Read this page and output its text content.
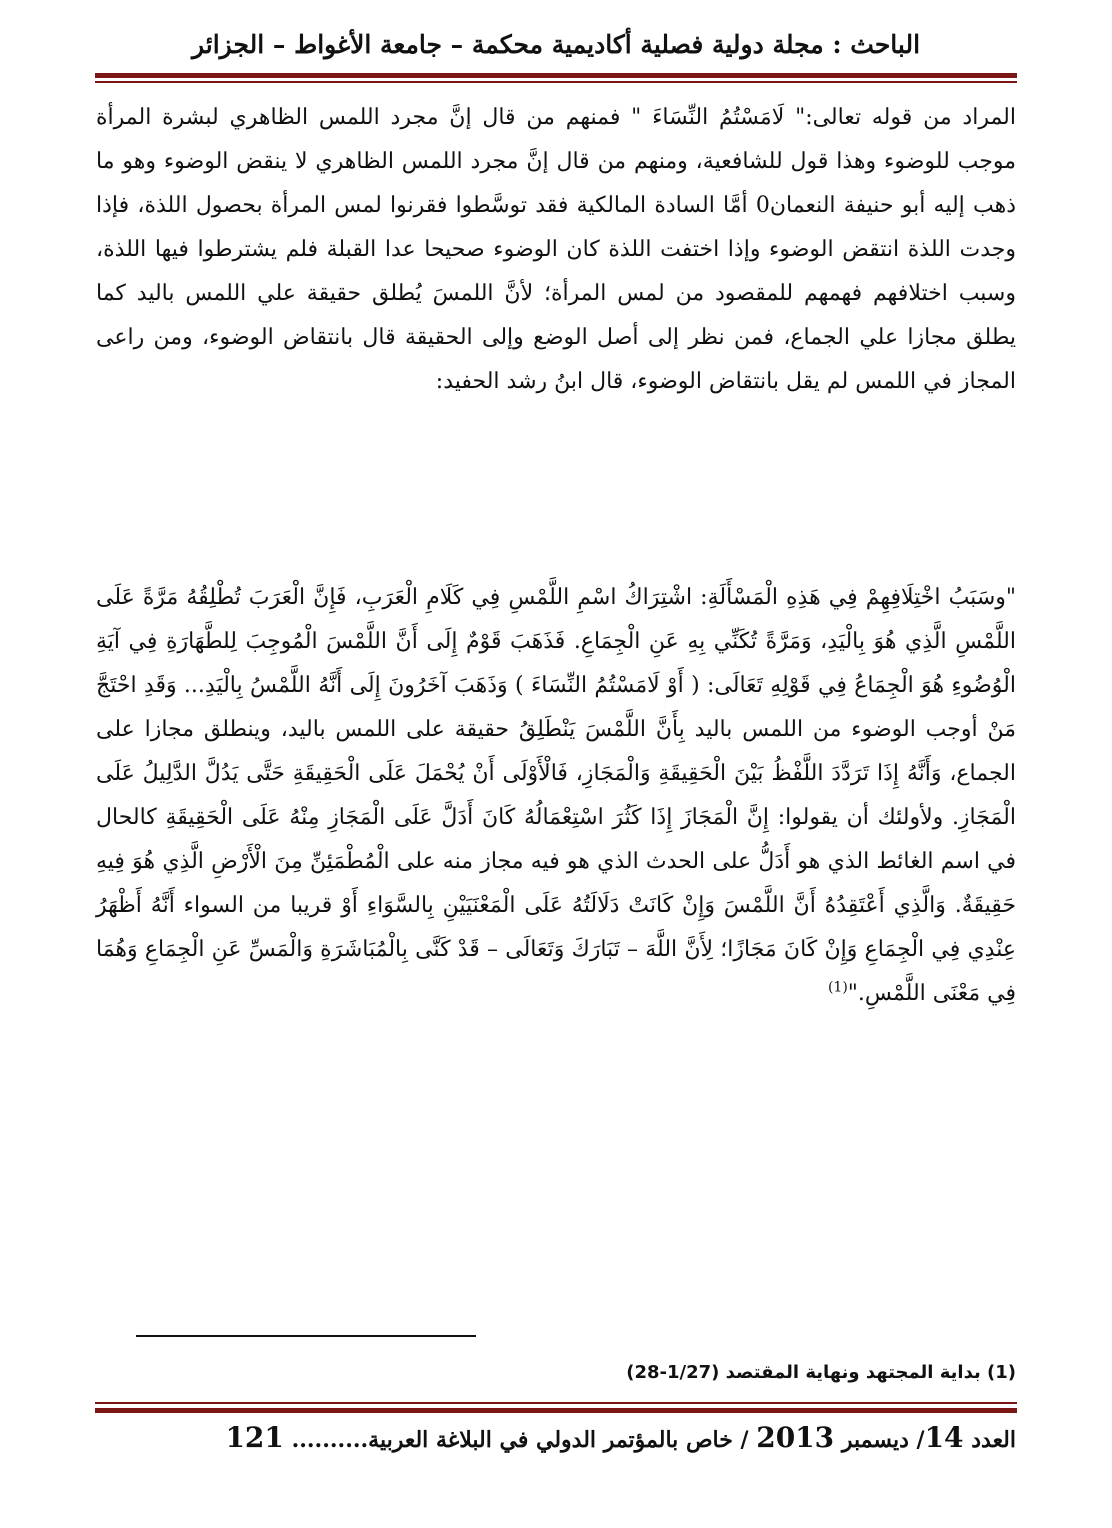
الباحث : مجلة دولية فصلية أكاديمية محكمة – جامعة الأغواط – الجزائر

المراد من قوله تعالى:" لَامَسْتُمُ النِّسَاءَ " فمنهم من قال إنَّ مجرد اللمس الظاهري لبشرة المرأة موجب للوضوء وهذا قول للشافعية، ومنهم من قال إنَّ مجرد اللمس الظاهري لا ينقض الوضوء وهو ما ذهب إليه أبو حنيفة النعمان0 أمَّا السادة المالكية فقد توسَّطوا فقرنوا لمس المرأة بحصول اللذة، فإذا وجدت اللذة انتقض الوضوء وإذا اختفت اللذة كان الوضوء صحيحا عدا القبلة فلم يشترطوا فيها اللذة، وسبب اختلافهم فهمهم للمقصود من لمس المرأة؛ لأنَّ اللمسَ يُطلق حقيقة علي اللمس باليد كما يطلق مجازا علي الجماع، فمن نظر إلى أصل الوضع وإلى الحقيقة قال بانتقاض الوضوء، ومن راعى المجاز في اللمس لم يقل بانتقاض الوضوء، قال ابنُ رشد الحفيد:

"وسَبَبُ اخْتِلَافِهِمْ فِي هَذِهِ الْمَسْأَلَةِ: اشْتِرَاكُ اسْمِ اللَّمْسِ فِي كَلَامِ الْعَرَبِ، فَإِنَّ الْعَرَبَ تُطْلِقُهُ مَرَّةً عَلَى اللَّمْسِ الَّذِي هُوَ بِالْيَدِ، وَمَرَّةً تُكَنِّي بِهِ عَنِ الْجِمَاعِ. فَذَهَبَ قَوْمٌ إِلَى أَنَّ اللَّمْسَ الْمُوجِبَ لِلطَّهَارَةِ فِي آيَةِ الْوُضُوءِ هُوَ الْجِمَاعُ فِي قَوْلِهِ تَعَالَى: ( أَوْ لَامَسْتُمُ النِّسَاءَ ) وَذَهَبَ آخَرُونَ إِلَى أَنَّهُ اللَّمْسُ بِالْيَدِ... وَقَدِ احْتَجَّ مَنْ أوجب الوضوء من اللمس باليد بِأَنَّ اللَّمْسَ يَنْطَلِقُ حقيقة على اللمس باليد، وينطلق مجازا على الجماع، وَأَنَّهُ إِذَا تَرَدَّدَ اللَّفْظُ بَيْنَ الْحَقِيقَةِ وَالْمَجَازِ، فَالْأَوْلَى أَنْ يُحْمَلَ عَلَى الْحَقِيقَةِ حَتَّى يَدُلَّ الدَّلِيلُ عَلَى الْمَجَازِ. ولأولئك أن يقولوا: إِنَّ الْمَجَازَ إِذَا كَثُرَ اسْتِعْمَالُهُ كَانَ أَدَلَّ عَلَى الْمَجَازِ مِنْهُ عَلَى الْحَقِيقَةِ كالحال في اسم الغائط الذي هو أَدَلُّ على الحدث الذي هو فيه مجاز منه على الْمُطْمَئِنِّ مِنَ الْأَرْضِ الَّذِي هُوَ فِيهِ حَقِيقَةٌ. وَالَّذِي أَعْتَقِدُهُ أَنَّ اللَّمْسَ وَإِنْ كَانَتْ دَلَالَتُهُ عَلَى الْمَعْنَيَيْنِ بِالسَّوَاءِ أَوْ قريبا من السواء أَنَّهُ أَظْهَرُ عِنْدِي فِي الْجِمَاعِ وَإِنْ كَانَ مَجَازًا؛ لِأَنَّ اللَّهَ – تَبَارَكَ وَتَعَالَى – قَدْ كَنَّى بِالْمُبَاشَرَةِ وَالْمَسِّ عَنِ الْجِمَاعِ وَهُمَا فِي مَعْنَى اللَّمْسِ."$^{(1)}$

(1) بداية المجتهد ونهاية المقتصد (1/27-28)
العدد 14/ ديسمبر 2013 / خاص بالمؤتمر الدولي في البلاغة العربية.......... 121
